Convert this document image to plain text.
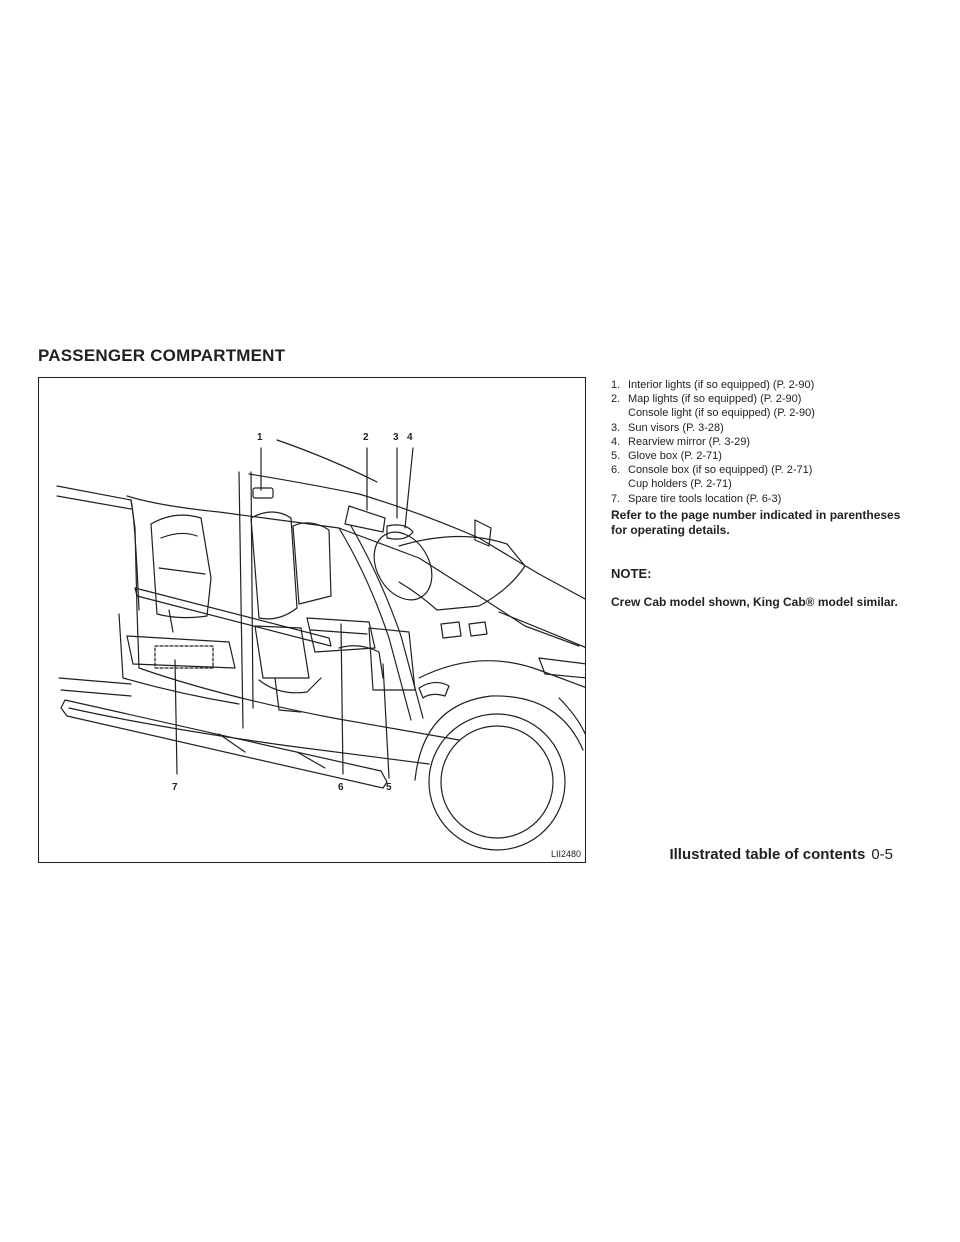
PASSENGER COMPARTMENT
1	2 3 4
5
6
7
LII2480
1. Interior lights (if so equipped) (P. 2-90)
2. Map lights (if so equipped) (P. 2-90)
Console light (if so equipped) (P. 2-90)
3. Sun visors (P. 3-28)
4. Rearview mirror (P. 3-29)
5. Glove box (P. 2-71)
6. Console box (if so equipped) (P. 2-71)
Cup holders (P. 2-71)
7. Spare tire tools location (P. 6-3)

Refer to the page number indicated in parentheses for operating details.

NOTE:

Crew Cab model shown, King Cab® model similar.

Illustrated table of contents 0-5
